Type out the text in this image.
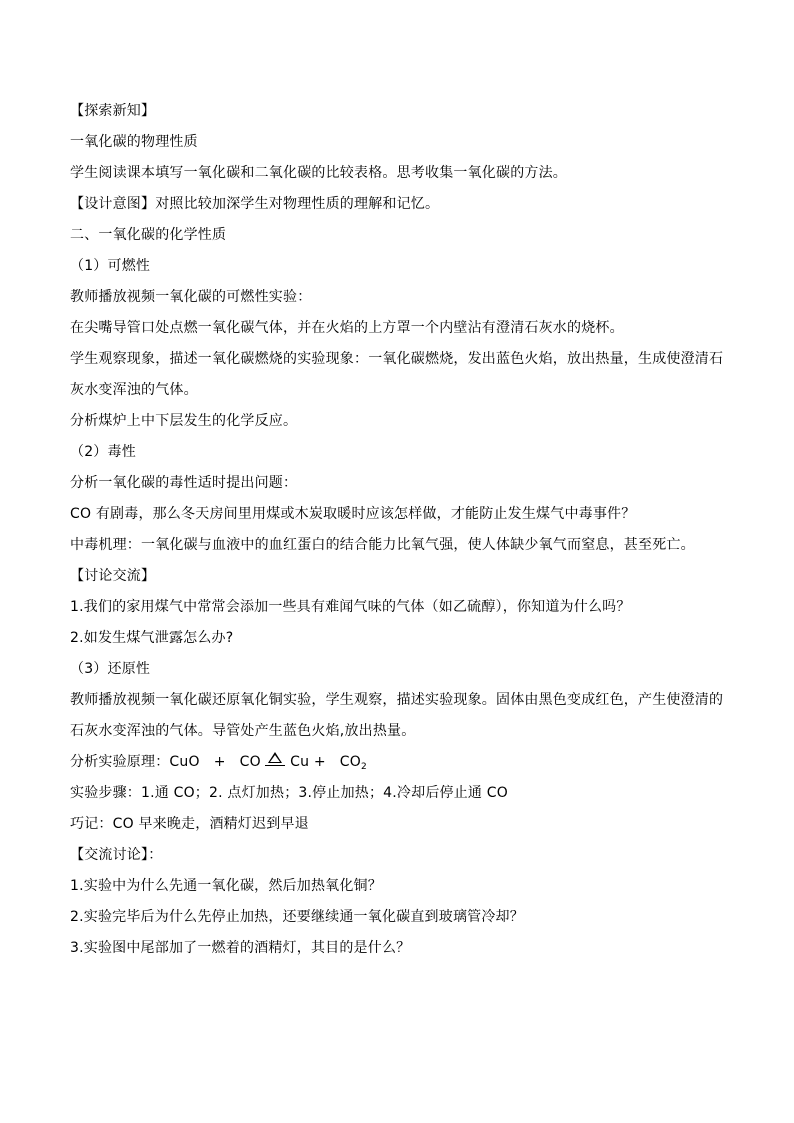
【探索新知】
一氧化碳的物理性质
学生阅读课本填写一氧化碳和二氧化碳的比较表格。思考收集一氧化碳的方法。
【设计意图】对照比较加深学生对物理性质的理解和记忆。
二、一氧化碳的化学性质
（1）可燃性
教师播放视频一氧化碳的可燃性实验：
在尖嘴导管口处点燃一氧化碳气体，并在火焰的上方罩一个内壁沾有澄清石灰水的烧杯。
学生观察现象，描述一氧化碳燃烧的实验现象：一氧化碳燃烧，发出蓝色火焰，放出热量，生成使澄清石灰水变浑浊的气体。
分析煤炉上中下层发生的化学反应。
（2）毒性
分析一氧化碳的毒性适时提出问题：
CO 有剧毒，那么冬天房间里用煤或木炭取暖时应该怎样做，才能防止发生煤气中毒事件？
中毒机理：一氧化碳与血液中的血红蛋白的结合能力比氧气强，使人体缺少氧气而窒息，甚至死亡。
【讨论交流】
1.我们的家用煤气中常常会添加一些具有难闻气味的气体（如乙硫醇），你知道为什么吗？
2.如发生煤气泄露怎么办?
（3）还原性
教师播放视频一氧化碳还原氧化铜实验，学生观察，描述实验现象。固体由黑色变成红色，产生使澄清的石灰水变浑浊的气体。导管处产生蓝色火焰,放出热量。
分析实验原理：CuO + CO $Cu + CO_2$
实验步骤：1.通 CO；2. 点灯加热；3.停止加热；4.冷却后停止通 CO
巧记：CO 早来晚走，酒精灯迟到早退
【交流讨论】：
1.实验中为什么先通一氧化碳，然后加热氧化铜？
2.实验完毕后为什么先停止加热，还要继续通一氧化碳直到玻璃管冷却？
3.实验图中尾部加了一燃着的酒精灯，其目的是什么？
